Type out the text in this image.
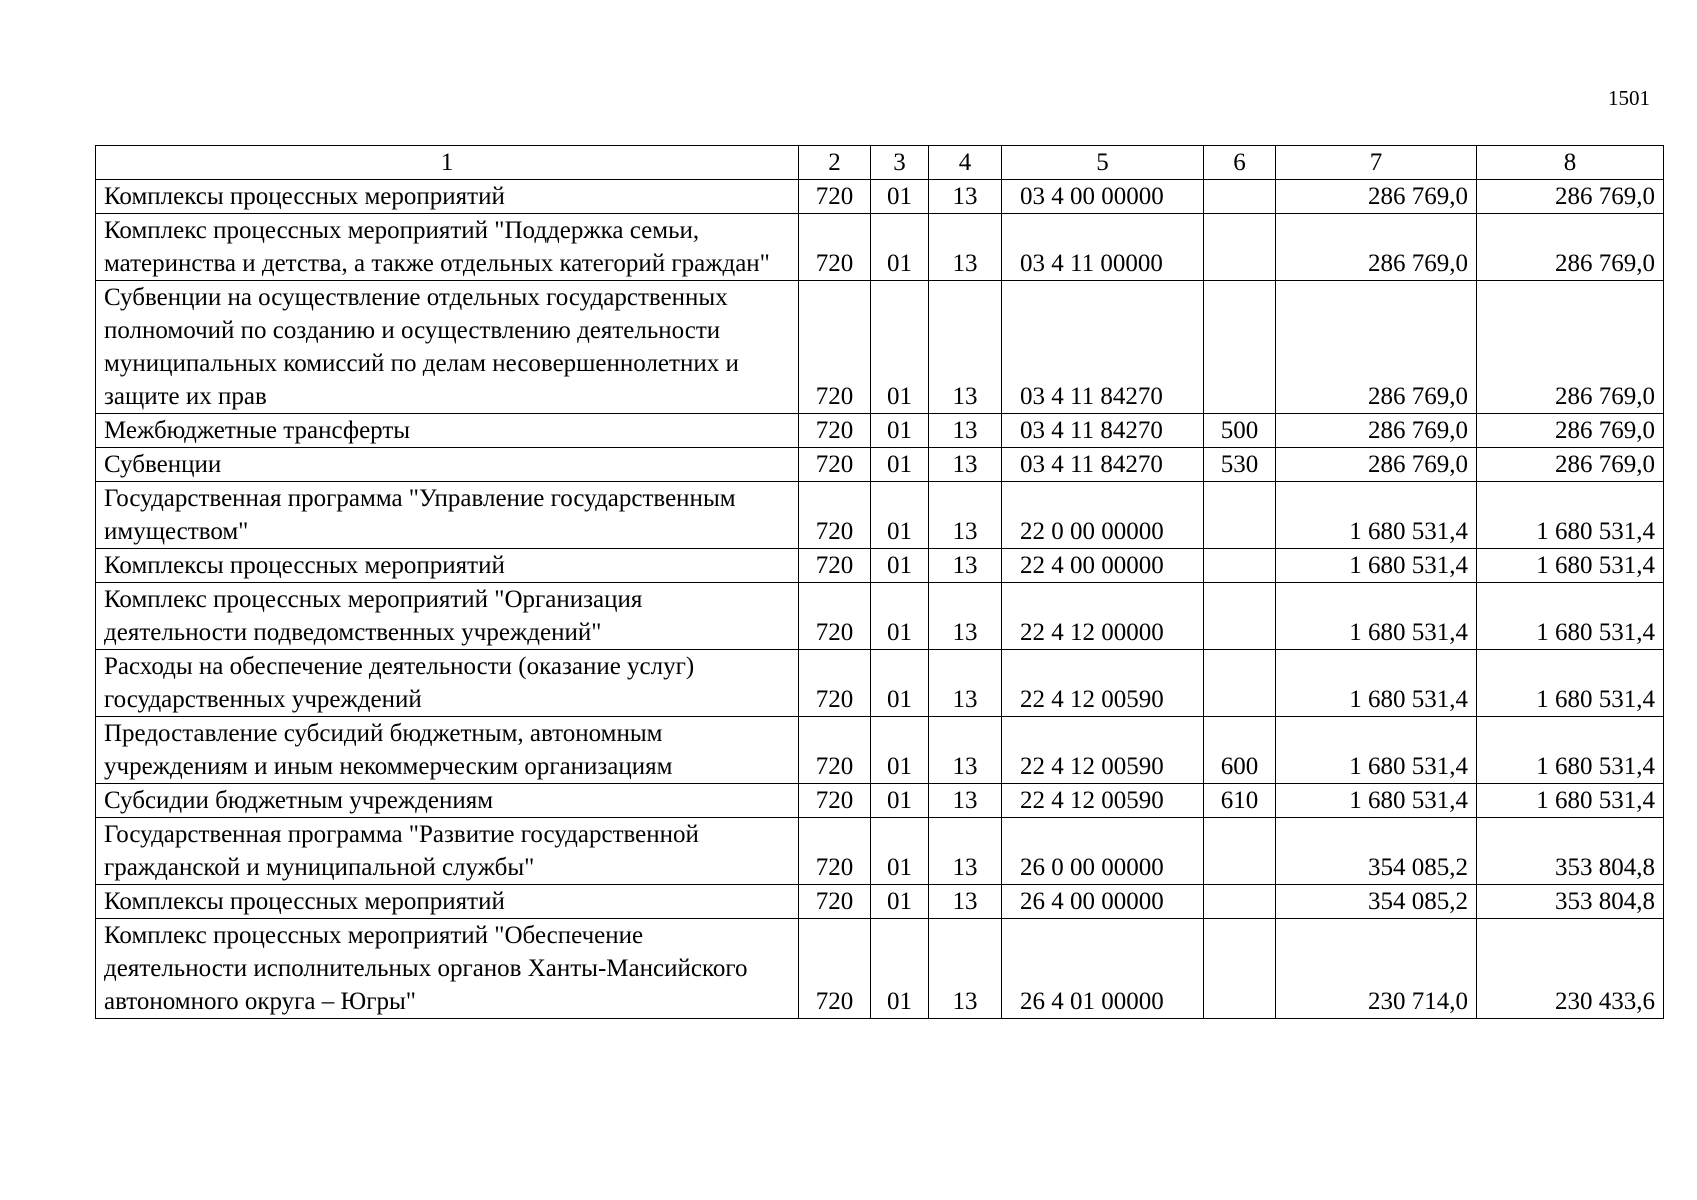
1501
1	2	3	4	5	6	7	8
Комплексы процессных мероприятий	720	01	13	03 4 00 00000		286 769,0	286 769,0
Комплекс процессных мероприятий "Поддержка семьи, материнства и детства, а также отдельных категорий граждан"	720	01	13	03 4 11 00000		286 769,0	286 769,0
Субвенции на осуществление отдельных государственных полномочий по созданию и осуществлению деятельности муниципальных комиссий по делам несовершеннолетних и защите их прав	720	01	13	03 4 11 84270		286 769,0	286 769,0
Межбюджетные трансферты	720	01	13	03 4 11 84270	500	286 769,0	286 769,0
Субвенции	720	01	13	03 4 11 84270	530	286 769,0	286 769,0
Государственная программа "Управление государственным имуществом"	720	01	13	22 0 00 00000		1 680 531,4	1 680 531,4
Комплексы процессных мероприятий	720	01	13	22 4 00 00000		1 680 531,4	1 680 531,4
Комплекс процессных мероприятий "Организация деятельности подведомственных учреждений"	720	01	13	22 4 12 00000		1 680 531,4	1 680 531,4
Расходы на обеспечение деятельности (оказание услуг) государственных учреждений	720	01	13	22 4 12 00590		1 680 531,4	1 680 531,4
Предоставление субсидий бюджетным, автономным учреждениям и иным некоммерческим организациям	720	01	13	22 4 12 00590	600	1 680 531,4	1 680 531,4
Субсидии бюджетным учреждениям	720	01	13	22 4 12 00590	610	1 680 531,4	1 680 531,4
Государственная программа "Развитие государственной гражданской и муниципальной службы"	720	01	13	26 0 00 00000		354 085,2	353 804,8
Комплексы процессных мероприятий	720	01	13	26 4 00 00000		354 085,2	353 804,8
Комплекс процессных мероприятий "Обеспечение деятельности исполнительных органов Ханты-Мансийского автономного округа – Югры"	720	01	13	26 4 01 00000		230 714,0	230 433,6
